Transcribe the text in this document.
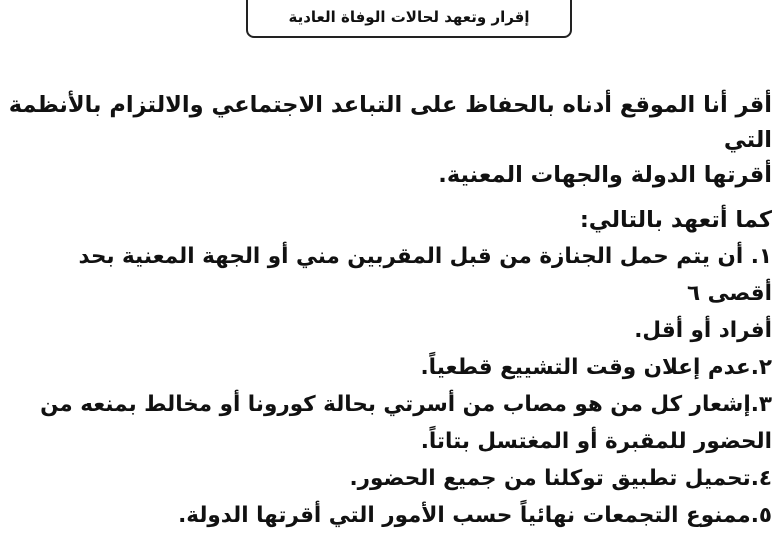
إقرار وتعهد لحالات الوفاة العادية

أقر أنا الموقع أدناه بالحفاظ على التباعد الاجتماعي والالتزام بالأنظمة التي

أقرتها الدولة والجهات المعنية.

كما أتعهد بالتالي:

١. أن يتم حمل الجنازة من قبل المقربين مني أو الجهة المعنية بحد أقصى ٦

أفراد أو أقل.

٢.عدم إعلان وقت التشييع قطعياً.

٣.إشعار كل من هو مصاب من أسرتي بحالة كورونا أو مخالط بمنعه من

الحضور للمقبرة أو المغتسل بتاتاً.

٤.تحميل تطبيق توكلنا من جميع الحضور.

٥.ممنوع التجمعات نهائياً حسب الأمور التي أقرتها الدولة.
